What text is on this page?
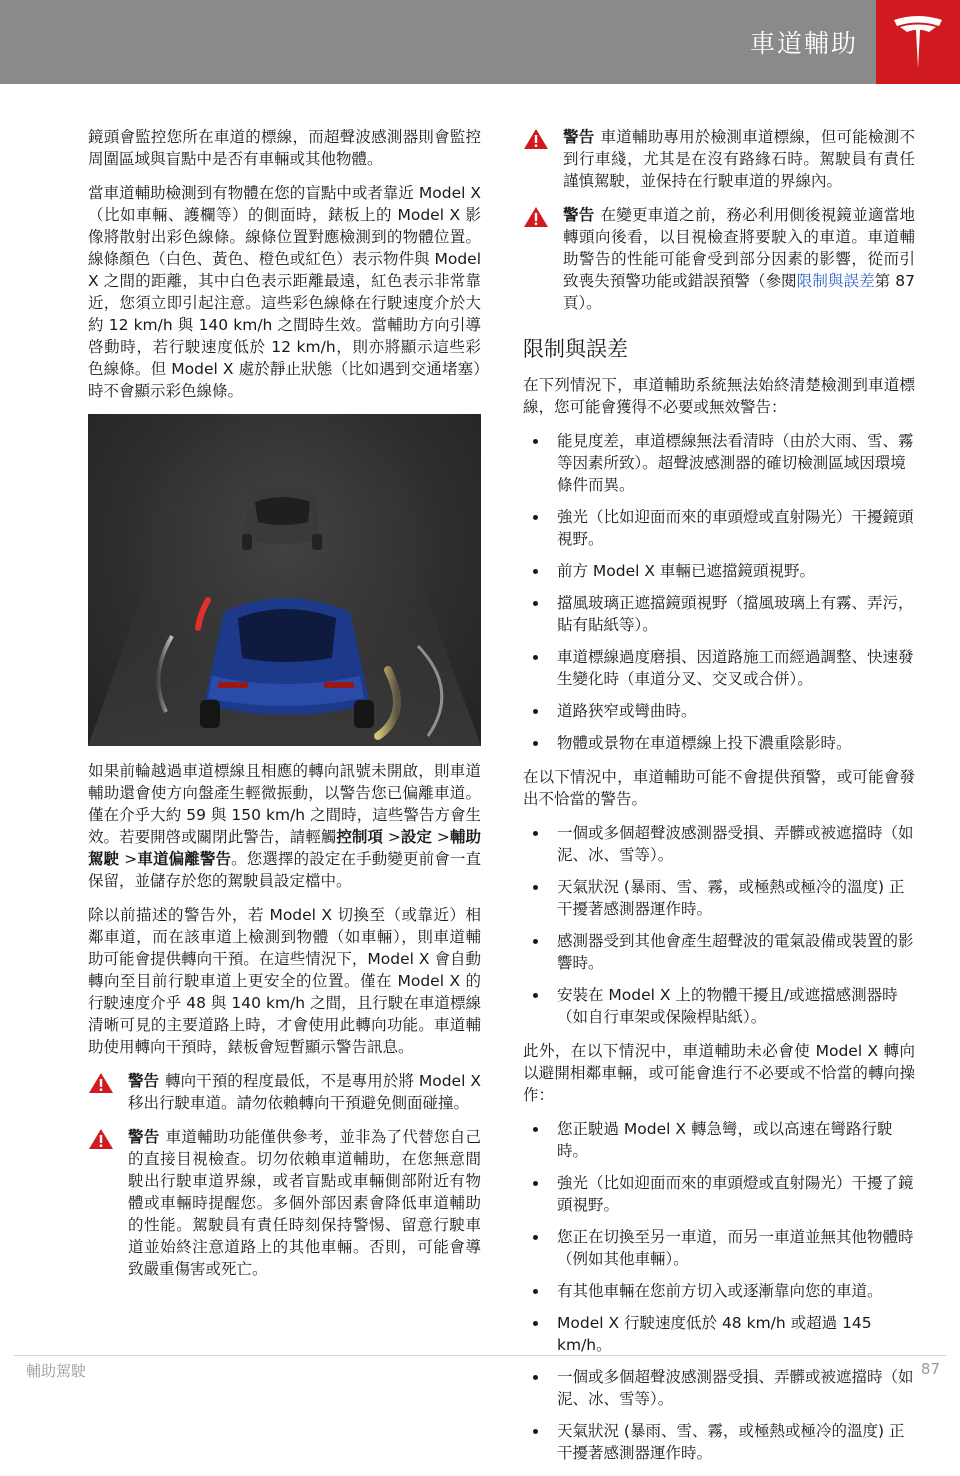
車道輔助

鏡頭會監控您所在車道的標線，而超聲波感測器則會監控周圍區域與盲點中是否有車輛或其他物體。

當車道輔助檢測到有物體在您的盲點中或者靠近 Model X（比如車輛、護欄等）的側面時，錶板上的 Model X 影像將散射出彩色線條。線條位置對應檢測到的物體位置。線條顏色（白色、黃色、橙色或紅色）表示物件與 Model X 之間的距離，其中白色表示距離最遠，紅色表示非常靠近，您須立即引起注意。這些彩色線條在行駛速度介於大約 12 km/h 與 140 km/h 之間時生效。當輔助方向引導啓動時，若行駛速度低於 12 km/h，則亦將顯示這些彩色線條。但 Model X 處於靜止狀態（比如遇到交通堵塞）時不會顯示彩色線條。

如果前輪越過車道標線且相應的轉向訊號未開啟，則車道輔助還會使方向盤產生輕微振動，以警告您已偏離車道。僅在介乎大約 59 與 150 km/h 之間時，這些警告方會生效。若要開啓或關閉此警告，請輕觸控制項 >設定 >輔助駕駛 >車道偏離警告。您選擇的設定在手動變更前會一直保留，並儲存於您的駕駛員設定檔中。

除以前描述的警告外，若 Model X 切換至（或靠近）相鄰車道，而在該車道上檢測到物體（如車輛），則車道輔助可能會提供轉向干預。在這些情況下，Model X 會自動轉向至目前行駛車道上更安全的位置。僅在 Model X 的行駛速度介乎 48 與 140 km/h 之間，且行駛在車道標線清晰可見的主要道路上時，才會使用此轉向功能。車道輔助使用轉向干預時，錶板會短暫顯示警告訊息。

警告 轉向干預的程度最低，不是專用於將 Model X 移出行駛車道。請勿依賴轉向干預避免側面碰撞。
警告 車道輔助功能僅供參考，並非為了代替您自己的直接目視檢查。切勿依賴車道輔助，在您無意間駛出行駛車道界線，或者盲點或車輛側部附近有物體或車輛時提醒您。多個外部因素會降低車道輔助的性能。駕駛員有責任時刻保持警惕、留意行駛車道並始終注意道路上的其他車輛。否則，可能會導致嚴重傷害或死亡。
警告 車道輔助專用於檢測車道標線，但可能檢測不到行車綫，尤其是在沒有路緣石時。駕駛員有責任謹慎駕駛，並保持在行駛車道的界線內。
警告 在變更車道之前，務必利用側後視鏡並適當地轉頭向後看，以目視檢查將要駛入的車道。車道輔助警告的性能可能會受到部分因素的影響，從而引致喪失預警功能或錯誤預警（參閱限制與誤差第 87 頁）。
限制與誤差

在下列情況下，車道輔助系統無法始終清楚檢測到車道標線，您可能會獲得不必要或無效警告：

能見度差，車道標線無法看清時（由於大雨、雪、霧等因素所致）。超聲波感測器的確切檢測區域因環境條件而異。
強光（比如迎面而來的車頭燈或直射陽光）干擾鏡頭視野。
前方 Model X 車輛已遮擋鏡頭視野。
擋風玻璃正遮擋鏡頭視野（擋風玻璃上有霧、弄污，貼有貼紙等）。
車道標線過度磨損、因道路施工而經過調整、快速發生變化時（車道分叉、交叉或合併）。
道路狹窄或彎曲時。
物體或景物在車道標線上投下濃重陰影時。

在以下情況中，車道輔助可能不會提供預警，或可能會發出不恰當的警告。

一個或多個超聲波感測器受損、弄髒或被遮擋時（如泥、冰、雪等）。
天氣狀況 (暴雨、雪、霧，或極熱或極冷的溫度) 正干擾著感測器運作時。
感測器受到其他會產生超聲波的電氣設備或裝置的影響時。
安裝在 Model X 上的物體干擾且/或遮擋感測器時（如自行車架或保險桿貼紙）。

此外，在以下情況中，車道輔助未必會使 Model X 轉向以避開相鄰車輛，或可能會進行不必要或不恰當的轉向操作：

您正駛過 Model X 轉急彎，或以高速在彎路行駛時。
強光（比如迎面而來的車頭燈或直射陽光）干擾了鏡頭視野。
您正在切換至另一車道，而另一車道並無其他物體時（例如其他車輛）。
有其他車輛在您前方切入或逐漸靠向您的車道。
Model X 行駛速度低於 48 km/h 或超過 145 km/h。
一個或多個超聲波感測器受損、弄髒或被遮擋時（如泥、冰、雪等）。
天氣狀況 (暴雨、雪、霧，或極熱或極冷的溫度) 正干擾著感測器運作時。
輔助駕駛	87
